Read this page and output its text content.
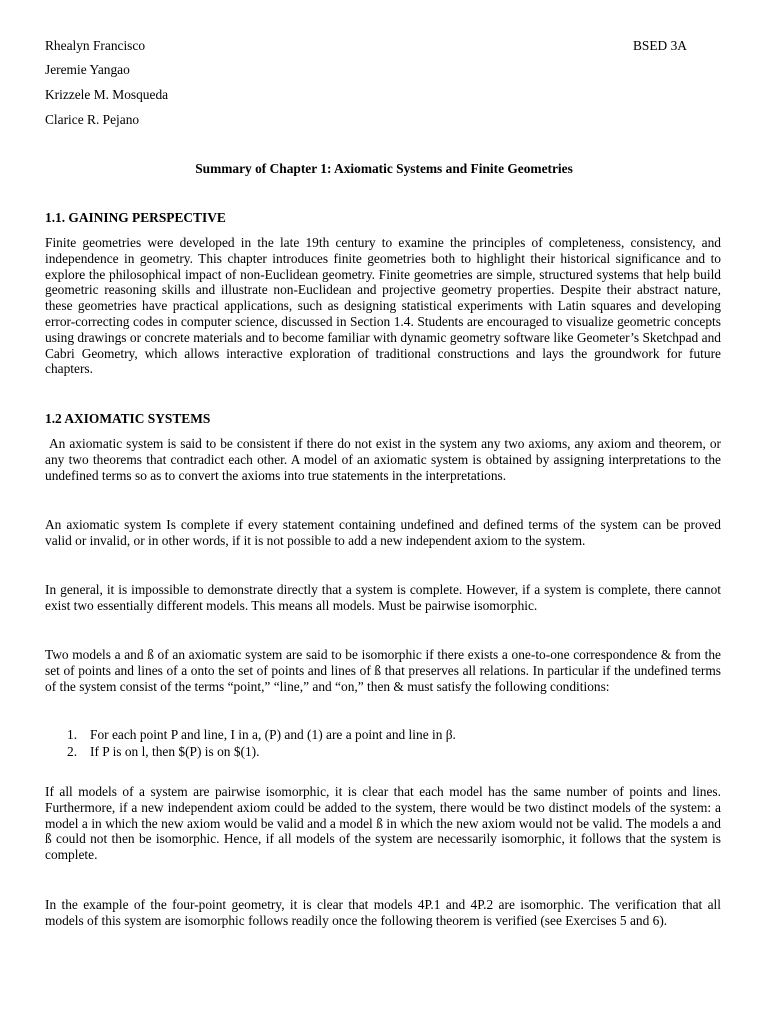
Rhealyn Francisco
Jeremie Yangao
Krizzele M. Mosqueda
Clarice R. Pejano
BSED 3A
Summary of Chapter 1: Axiomatic Systems and Finite Geometries
1.1. GAINING PERSPECTIVE

Finite geometries were developed in the late 19th century to examine the principles of completeness, consistency, and independence in geometry. This chapter introduces finite geometries both to highlight their historical significance and to explore the philosophical impact of non-Euclidean geometry. Finite geometries are simple, structured systems that help build geometric reasoning skills and illustrate non-Euclidean and projective geometry properties. Despite their abstract nature, these geometries have practical applications, such as designing statistical experiments with Latin squares and developing error-correcting codes in computer science, discussed in Section 1.4. Students are encouraged to visualize geometric concepts using drawings or concrete materials and to become familiar with dynamic geometry software like Geometer’s Sketchpad and Cabri Geometry, which allows interactive exploration of traditional constructions and lays the groundwork for future chapters.

1.2 AXIOMATIC SYSTEMS

An axiomatic system is said to be consistent if there do not exist in the system any two axioms, any axiom and theorem, or any two theorems that contradict each other. A model of an axiomatic system is obtained by assigning interpretations to the undefined terms so as to convert the axioms into true statements in the interpretations.

An axiomatic system Is complete if every statement containing undefined and defined terms of the system can be proved valid or invalid, or in other words, if it is not possible to add a new independent axiom to the system.

In general, it is impossible to demonstrate directly that a system is complete. However, if a system is complete, there cannot exist two essentially different models. This means all models. Must be pairwise isomorphic.

Two models a and ß of an axiomatic system are said to be isomorphic if there exists a one-to-one correspondence & from the set of points and lines of a onto the set of points and lines of ß that preserves all relations. In particular if the undefined terms of the system consist of the terms “point,” “line,” and “on,” then & must satisfy the following conditions:

1. For each point P and line, I in a, (P) and (1) are a point and line in β.
2. If P is on l, then $(P) is on $(1).

If all models of a system are pairwise isomorphic, it is clear that each model has the same number of points and lines. Furthermore, if a new independent axiom could be added to the system, there would be two distinct models of the system: a model a in which the new axiom would be valid and a model ß in which the new axiom would not be valid. The models a and ß could not then be isomorphic. Hence, if all models of the system are necessarily isomorphic, it follows that the system is complete.

In the example of the four-point geometry, it is clear that models 4P.1 and 4P.2 are isomorphic. The verification that all models of this system are isomorphic follows readily once the following theorem is verified (see Exercises 5 and 6).
